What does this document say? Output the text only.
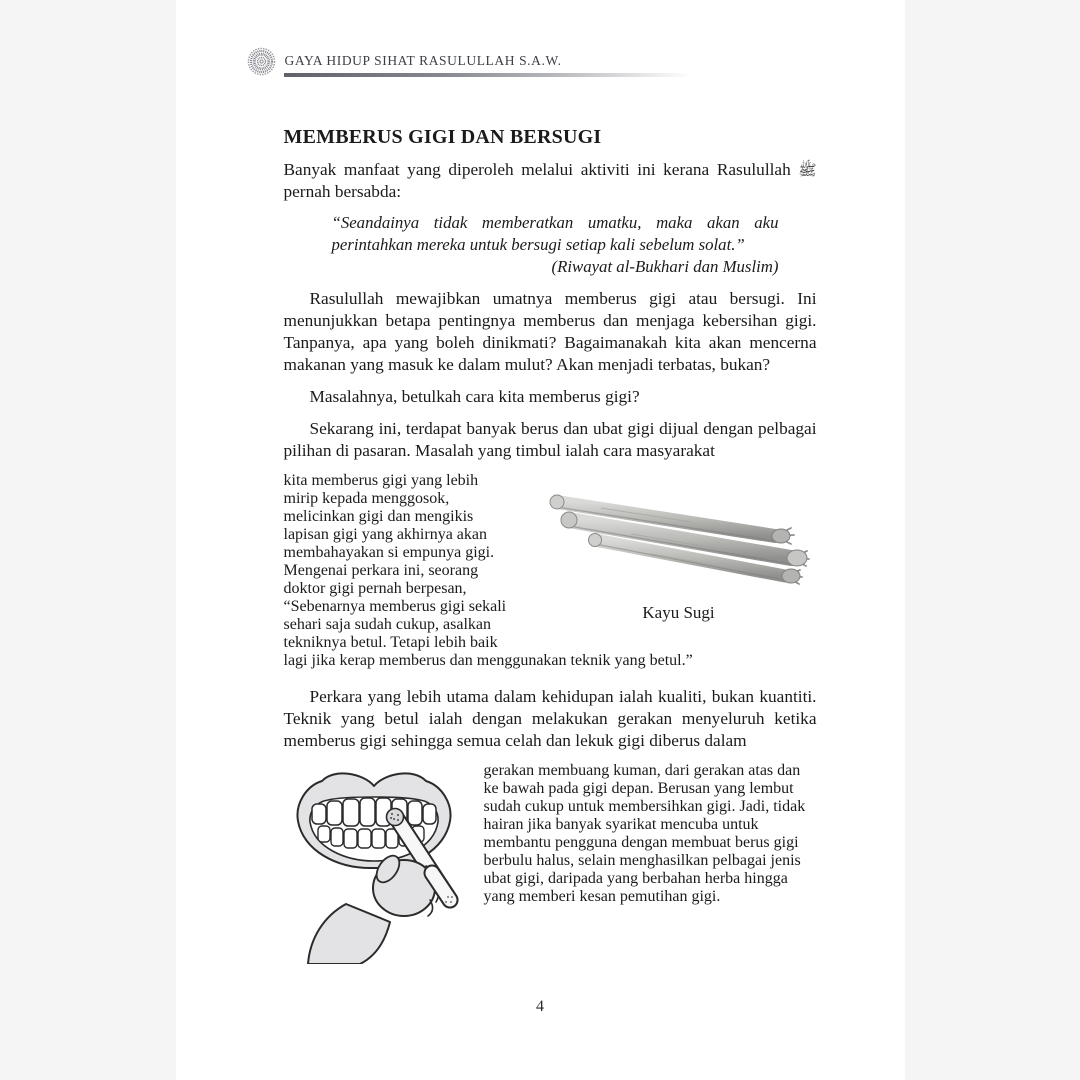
GAYA HIDUP SIHAT RASULULLAH S.A.W.
MEMBERUS GIGI DAN BERSUGI

Banyak manfaat yang diperoleh melalui aktiviti ini kerana Rasulullah ﷺ pernah bersabda:

“Seandainya tidak memberatkan umatku, maka akan aku perintahkan mereka untuk bersugi setiap kali sebelum solat.”
(Riwayat al-Bukhari dan Muslim)

Rasulullah mewajibkan umatnya memberus gigi atau bersugi. Ini menunjukkan betapa pentingnya memberus dan menjaga kebersihan gigi. Tanpanya, apa yang boleh dinikmati? Bagaimanakah kita akan mencerna makanan yang masuk ke dalam mulut? Akan menjadi terbatas, bukan?

Masalahnya, betulkah cara kita memberus gigi?

Sekarang ini, terdapat banyak berus dan ubat gigi dijual dengan pelbagai pilihan di pasaran. Masalah yang timbul ialah cara masyarakat

Kayu Sugi
kita memberus gigi yang lebih mirip kepada menggosok, melicinkan gigi dan mengikis lapisan gigi yang akhirnya akan membahayakan si empunya gigi. Mengenai perkara ini, seorang doktor gigi pernah berpesan, “Sebenarnya memberus gigi sekali sehari saja sudah cukup, asalkan tekniknya betul. Tetapi lebih baik lagi jika kerap memberus dan menggunakan teknik yang betul.”

Perkara yang lebih utama dalam kehidupan ialah kualiti, bukan kuantiti. Teknik yang betul ialah dengan melakukan gerakan menyeluruh ketika memberus gigi sehingga semua celah dan lekuk gigi diberus dalam

gerakan membuang kuman, dari gerakan atas dan ke bawah pada gigi depan. Berusan yang lembut sudah cukup untuk membersihkan gigi. Jadi, tidak hairan jika banyak syarikat mencuba untuk membantu pengguna dengan membuat berus gigi berbulu halus, selain menghasilkan pelbagai jenis ubat gigi, daripada yang berbahan herba hingga yang memberi kesan pemutihan gigi.

4
